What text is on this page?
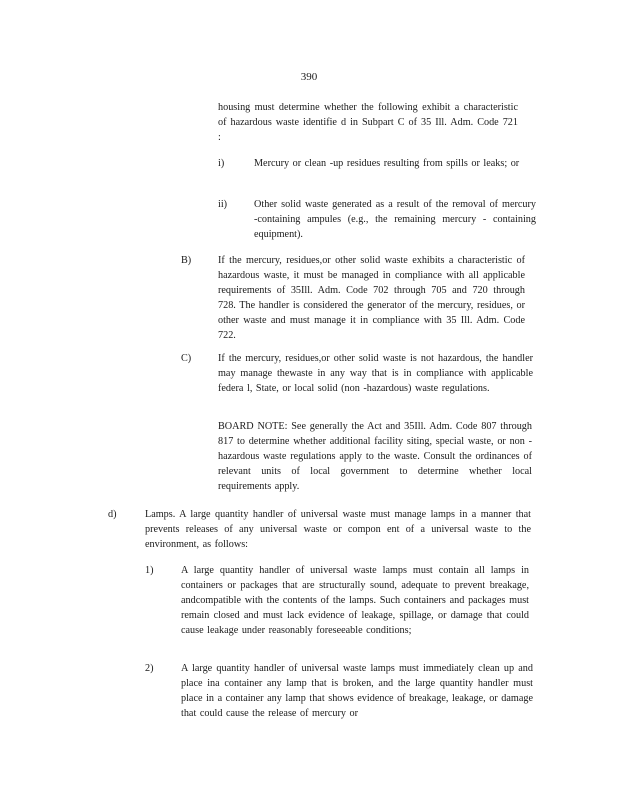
390
housing must determine whether the following exhibit a characteristic of hazardous waste identifie d in Subpart C of 35 Ill. Adm. Code 721 :
i)	Mercury or clean -up residues resulting from spills or leaks; or
ii)	Other solid waste generated as a result of the removal of mercury -containing ampules (e.g., the remaining mercury - containing equipment).
B)	If the mercury, residues,or other solid waste exhibits a characteristic of hazardous waste, it must be managed in compliance with all applicable requirements of 35Ill. Adm. Code 702 through 705 and 720 through 728. The handler is considered the generator of the mercury, residues, or other waste and must manage it in compliance with 35 Ill. Adm. Code 722.
C)	If the mercury, residues,or other solid waste is not hazardous, the handler may manage thewaste in any way that is in compliance with applicable federa l, State, or local solid (non -hazardous) waste regulations.
BOARD NOTE: See generally the Act and 35Ill. Adm. Code 807 through 817 to determine whether additional facility siting, special waste, or non -hazardous waste regulations apply to the waste. Consult the ordinances of relevant units of local government to determine whether local requirements apply.
d)	Lamps. A large quantity handler of universal waste must manage lamps in a manner that prevents releases of any universal waste or compon ent of a universal waste to the environment, as follows:
1)	A large quantity handler of universal waste lamps must contain all lamps in containers or packages that are structurally sound, adequate to prevent breakage, andcompatible with the contents of the lamps. Such containers and packages must remain closed and must lack evidence of leakage, spillage, or damage that could cause leakage under reasonably foreseeable conditions;
2)	A large quantity handler of universal waste lamps must immediately clean up and place ina container any lamp that is broken, and the large quantity handler must place in a container any lamp that shows evidence of breakage, leakage, or damage that could cause the release of mercury or
